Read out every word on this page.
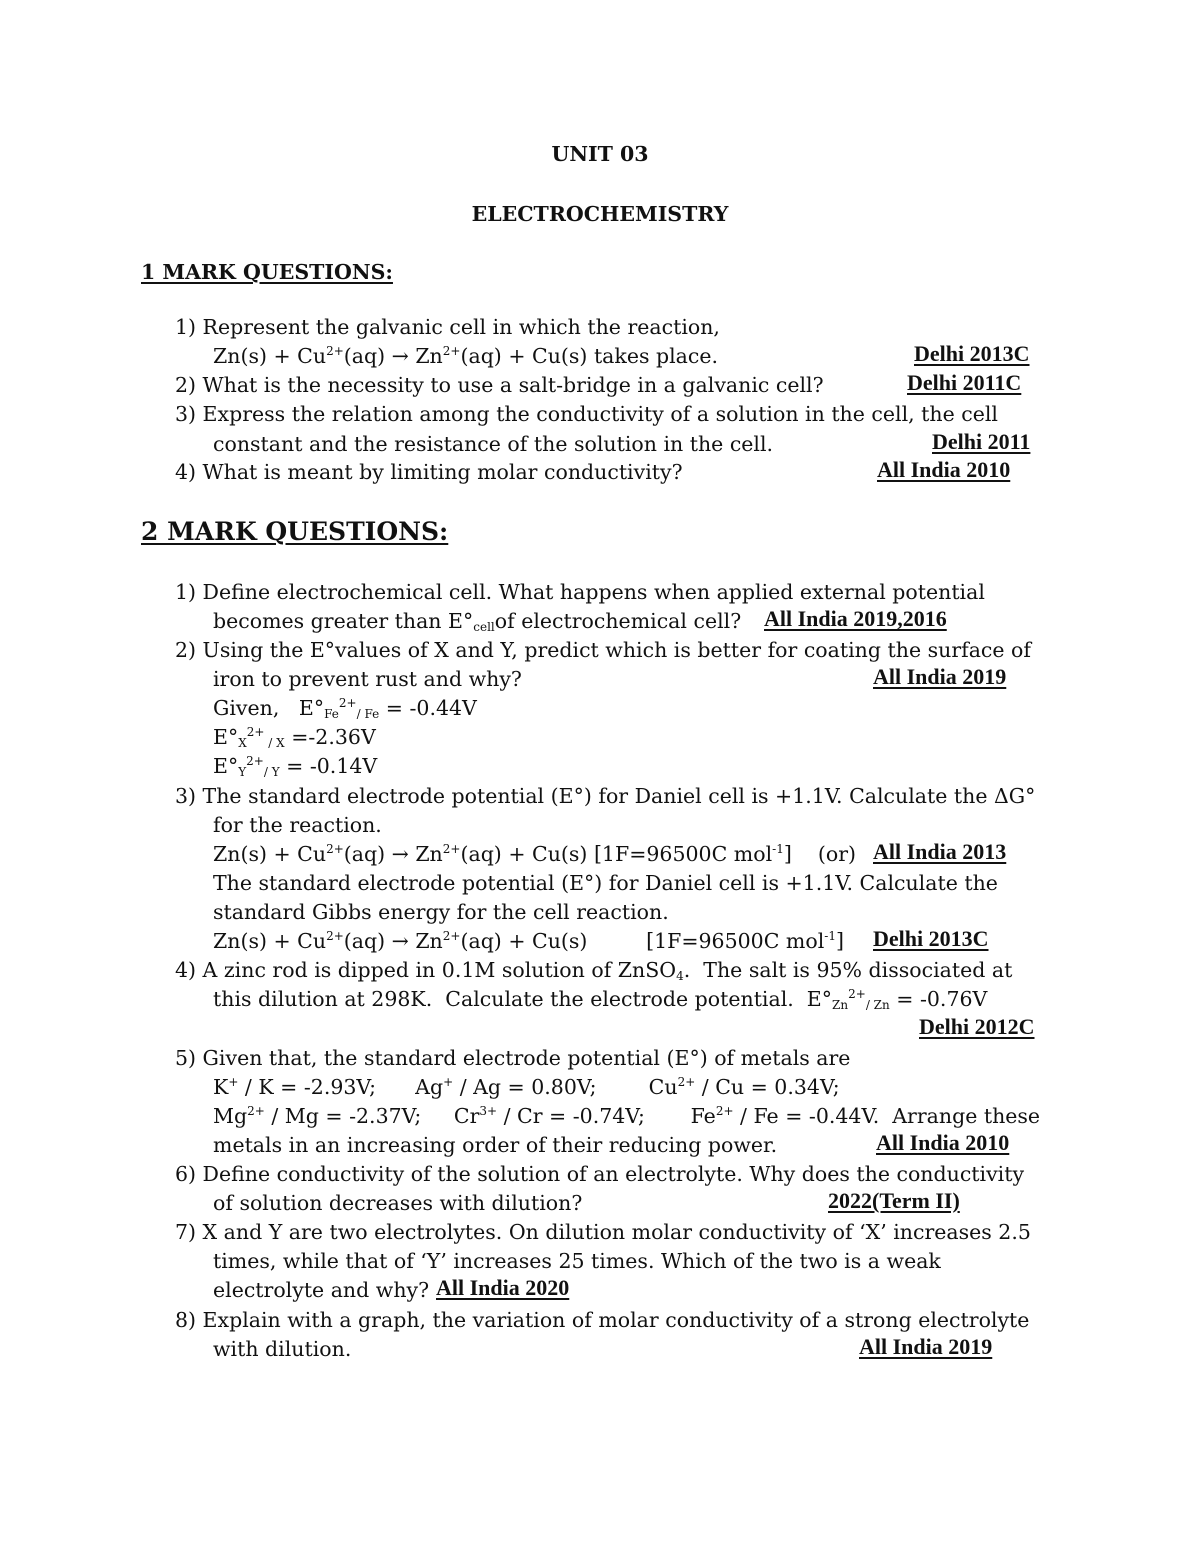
UNIT 03
ELECTROCHEMISTRY
1 MARK QUESTIONS:
1) Represent the galvanic cell in which the reaction,
$Zn(s) + Cu^{2+}(aq) \to Zn^{2+}(aq) + Cu(s)$ takes place.	Delhi 2013C
2) What is the necessity to use a salt-bridge in a galvanic cell?	Delhi 2011C
3) Express the relation among the conductivity of a solution in the cell, the cell
constant and the resistance of the solution in the cell.	Delhi 2011
4) What is meant by limiting molar conductivity?	All India 2010
2 MARK QUESTIONS:
1) Define electrochemical cell. What happens when applied external potential
becomes greater than $E^\circ_{cell}of$ electrochemical cell? All India 2019,2016
2) Using the E°values of X and Y, predict which is better for coating the surface of
iron to prevent rust and why?	All India 2019
Given,   $E^\circ_{Fe}^{2+}_{/ Fe} = -0.44V$
$E^\circ_X^{2+}$ $_{/ X}$ =-2.36V
$E^\circ_Y^{2+}_{/ Y} = -0.14V$
3) The standard electrode potential (E°) for Daniel cell is +1.1V. Calculate the ΔG°
for the reaction.
$Zn(s) + Cu^{2+}(aq) \to Zn^{2+}(aq) + Cu(s)$ [1F=96500C mol$^{-1}$]    (or) All India 2013
The standard electrode potential (E°) for Daniel cell is +1.1V. Calculate the
standard Gibbs energy for the cell reaction.
$Zn(s) + Cu^{2+}(aq) \to Zn^{2+}(aq) + Cu(s)$         [1F=96500C mol$^{-1}$] Delhi 2013C
4) A zinc rod is dipped in 0.1M solution of ZnSO$_4$.  The salt is 95% dissociated at
this dilution at 298K.  Calculate the electrode potential.  $E^\circ_{Zn}^{2+}_{/ Zn} = -0.76V$
Delhi 2012C
5) Given that, the standard electrode potential (E°) of metals are
K+ / K = -2.93V;      Ag+ / Ag = 0.80V;        $Cu^{2+} / Cu = 0.34V$;
$Mg^{2+} / Mg = -2.37V$;     $Cr^{3+} / Cr = -0.74V$;       $Fe^{2+} / Fe = -0.44V$.  Arrange these
metals in an increasing order of their reducing power.	All India 2010
6) Define conductivity of the solution of an electrolyte. Why does the conductivity
of solution decreases with dilution?	2022(Term II)
7) X and Y are two electrolytes. On dilution molar conductivity of ‘X’ increases 2.5
times, while that of ‘Y’ increases 25 times. Which of the two is a weak
electrolyte and why? All India 2020
8) Explain with a graph, the variation of molar conductivity of a strong electrolyte
with dilution.	All India 2019
